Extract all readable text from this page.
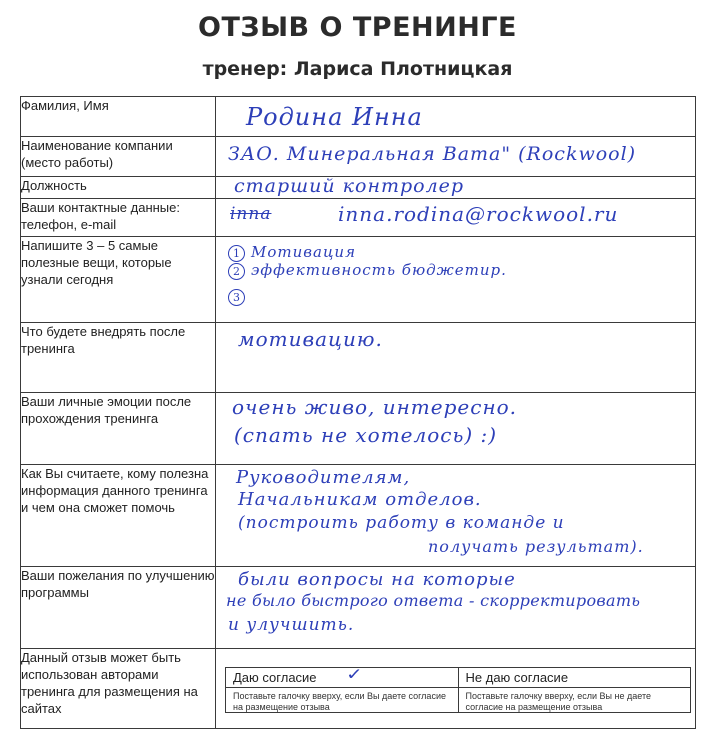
ОТЗЫВ О ТРЕНИНГЕ
тренер: Лариса Плотницкая
Фамилия, Имя	Родина Инна

Наименование компании (место работы)	ЗАО. Минеральная Вата" (Rockwool)

Должность	старший контролер

Ваши контактные данные: телефон, e-mail	inna inna.rodina@rockwool.ru

Напишите 3 – 5 самые полезные вещи, которые узнали сегодня	1 Мотивация
2 эффективность бюджетир.
3

Что будете внедрять после тренинга	мотивацию.

Ваши личные эмоции после прохождения тренинга	очень живо, интересно.
(спать не хотелось) :)

Как Вы считаете, кому полезна информация данного тренинга и чем она сможет помочь	Руководителям,
Начальникам отделов.
(построить работу в команде и
получать результат).

Ваши пожелания по улучшению программы	были вопросы на которые
не было быстрого ответа - скорректировать
и улучшить.

Данный отзыв может быть использован авторами тренинга для размещения на сайтах	Даю согласие ✓
Поставьте галочку вверху, если Вы даете согласие на размещение отзыва
Не даю согласие
Поставьте галочку вверху, если Вы не даете согласие на размещение отзыва
